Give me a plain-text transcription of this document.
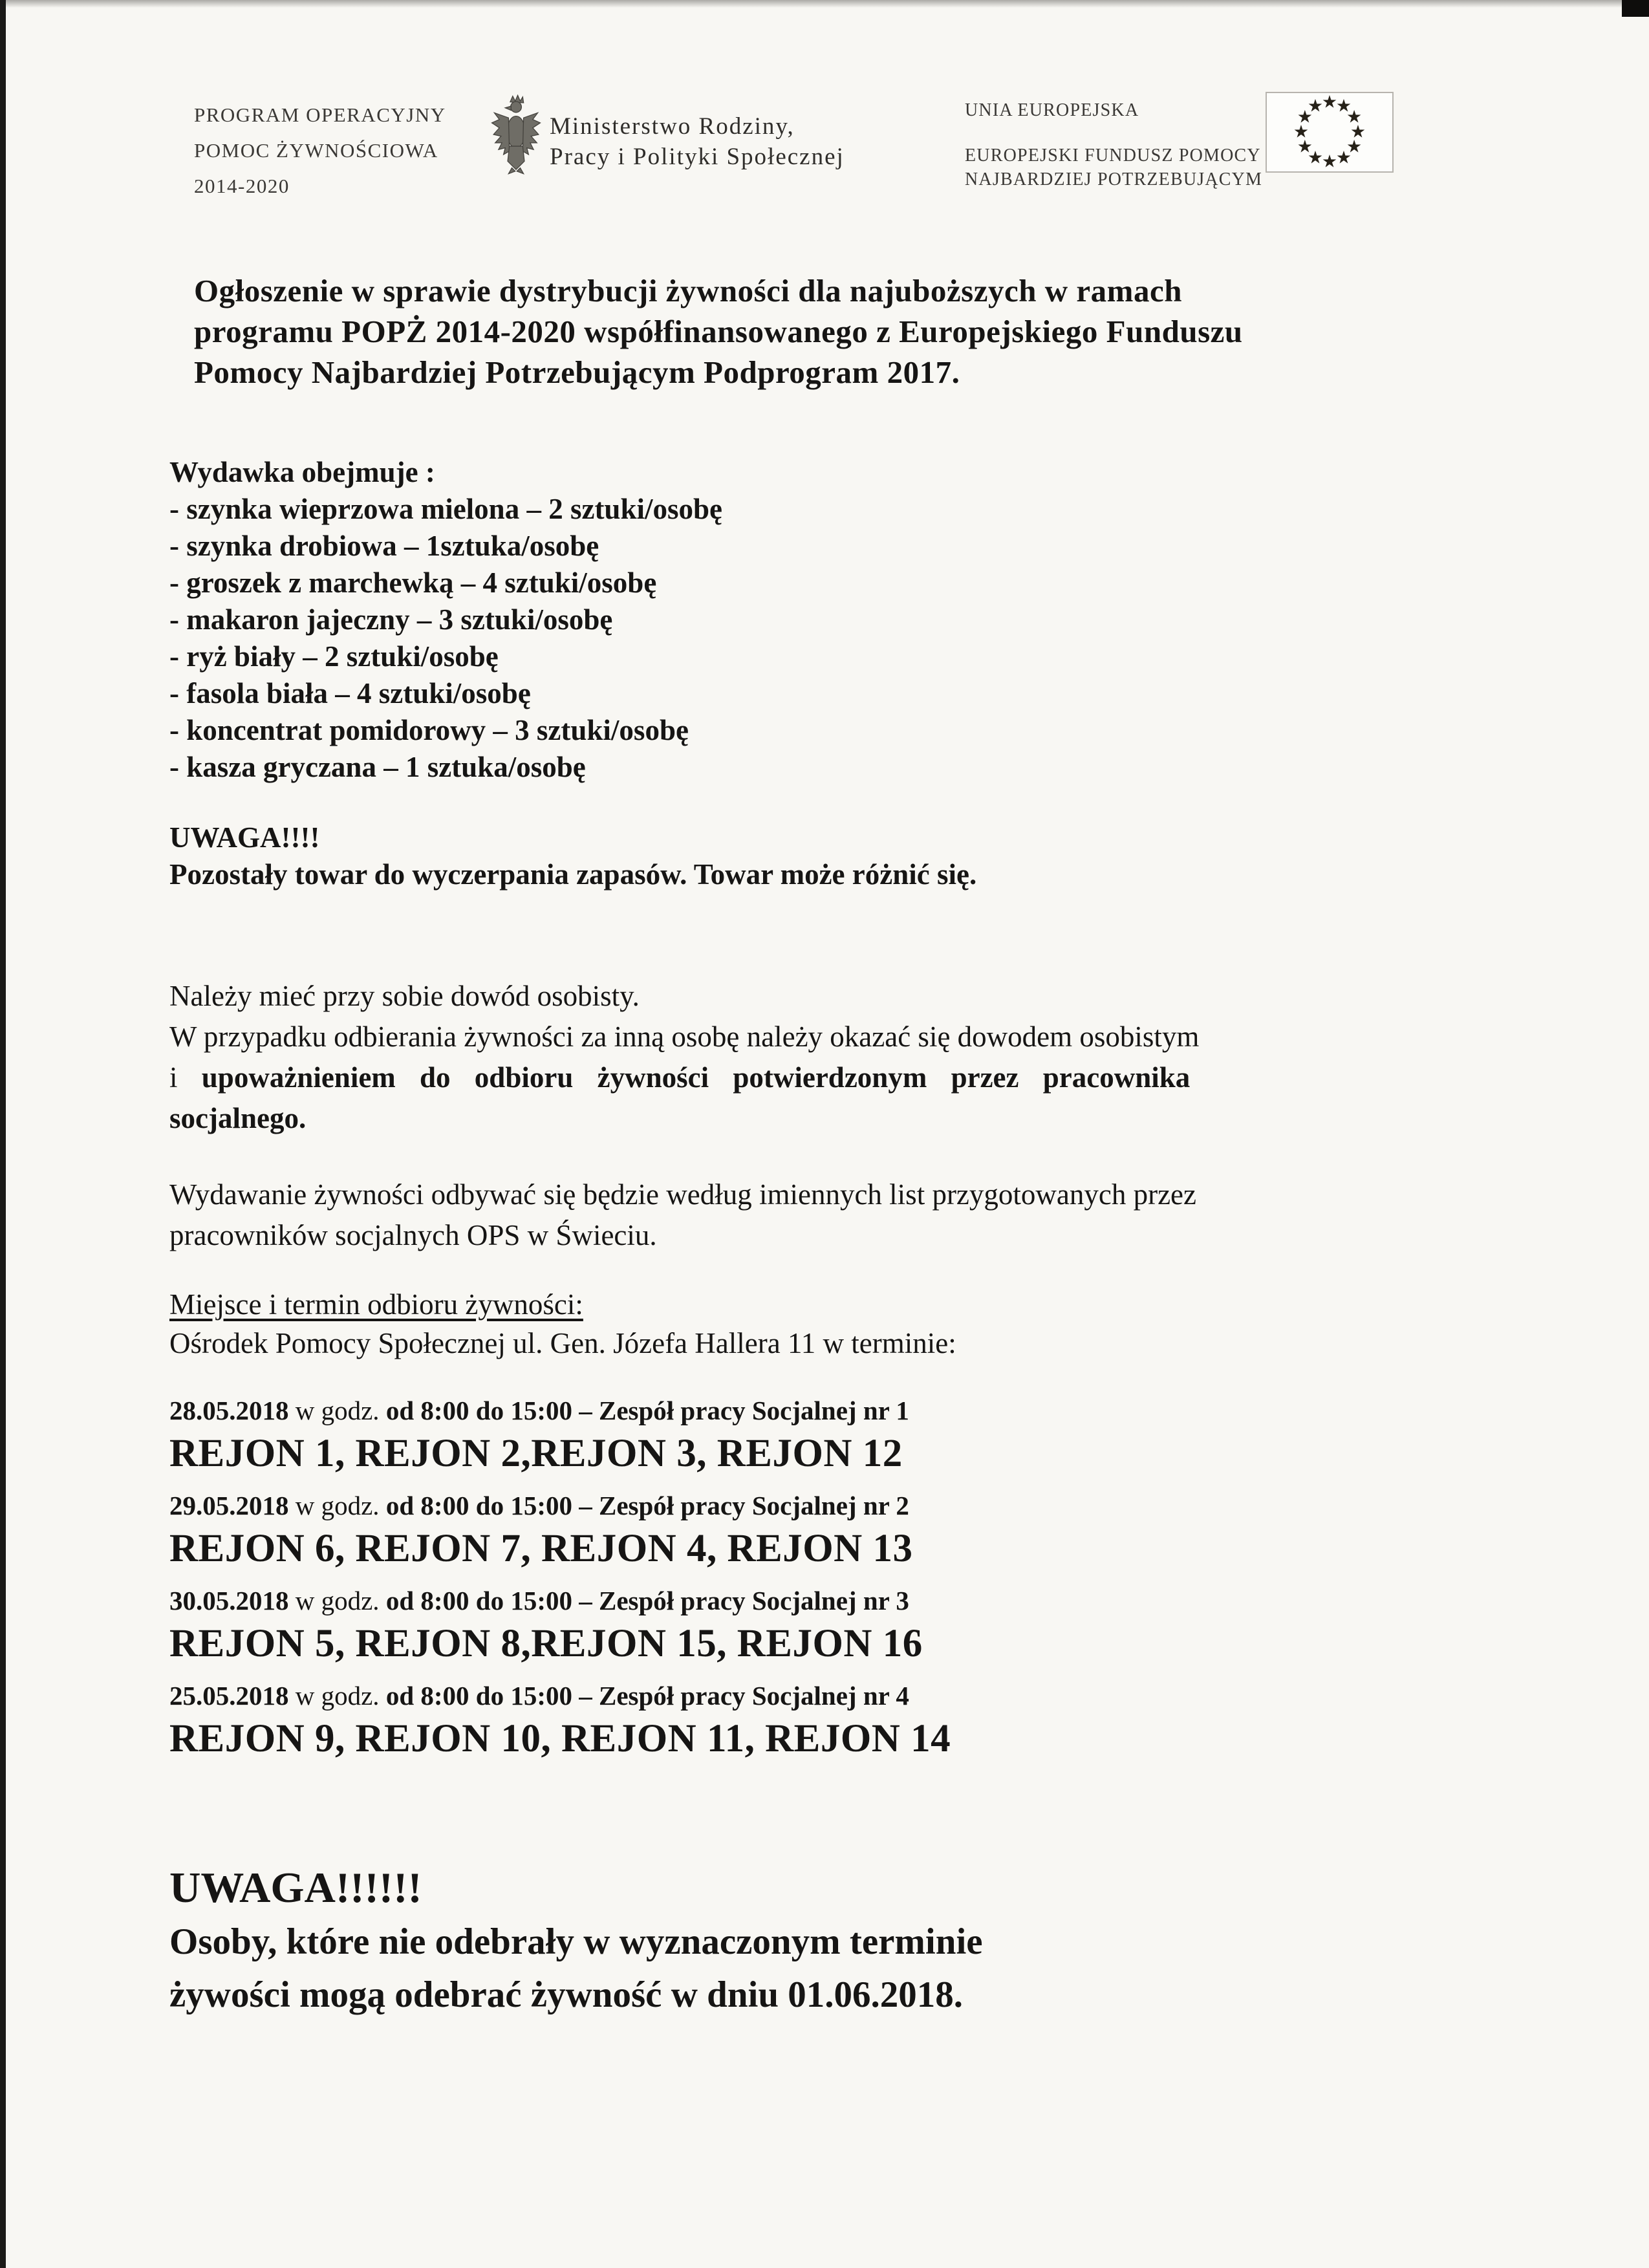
PROGRAM OPERACYJNY
POMOC ŻYWNOŚCIOWA
2014-2020
Ministerstwo Rodziny,
Pracy i Polityki Społecznej
UNIA EUROPEJSKA
EUROPEJSKI FUNDUSZ POMOCY
NAJBARDZIEJ POTRZEBUJĄCYM
★
★
★
★
★
★
★
★
★
★
★
★
Ogłoszenie w sprawie dystrybucji żywności dla najuboższych w ramach
programu POPŻ 2014-2020 współfinansowanego z Europejskiego Funduszu
Pomocy Najbardziej Potrzebującym Podprogram 2017.
Wydawka obejmuje :
- szynka wieprzowa mielona – 2 sztuki/osobę
- szynka drobiowa – 1sztuka/osobę
- groszek z marchewką – 4 sztuki/osobę
- makaron jajeczny – 3 sztuki/osobę
- ryż biały – 2 sztuki/osobę
- fasola biała – 4 sztuki/osobę
- koncentrat pomidorowy – 3 sztuki/osobę
- kasza gryczana – 1 sztuka/osobę
UWAGA!!!!
Pozostały towar do wyczerpania zapasów. Towar może różnić się.
Należy mieć przy sobie dowód osobisty.
W przypadku odbierania żywności za inną osobę należy okazać się dowodem osobistym
i upoważnieniem do odbioru żywności potwierdzonym przez pracownika
socjalnego.
Wydawanie żywności odbywać się będzie według imiennych list przygotowanych przez
pracowników socjalnych OPS w Świeciu.
Miejsce i termin odbioru żywności:
Ośrodek Pomocy Społecznej ul. Gen. Józefa Hallera 11 w terminie:
28.05.2018 w godz. od 8:00 do 15:00 – Zespół pracy Socjalnej nr 1
REJON 1, REJON 2,REJON 3, REJON 12
29.05.2018 w godz. od 8:00 do 15:00 – Zespół pracy Socjalnej nr 2
REJON 6, REJON 7, REJON 4, REJON 13
30.05.2018 w godz. od 8:00 do 15:00 – Zespół pracy Socjalnej nr 3
REJON 5, REJON 8,REJON 15, REJON 16
25.05.2018 w godz. od 8:00 do 15:00 – Zespół pracy Socjalnej nr 4
REJON 9, REJON 10, REJON 11, REJON 14
UWAGA!!!!!!
Osoby, które nie odebrały w wyznaczonym terminie
żywości mogą odebrać żywność w dniu 01.06.2018.
